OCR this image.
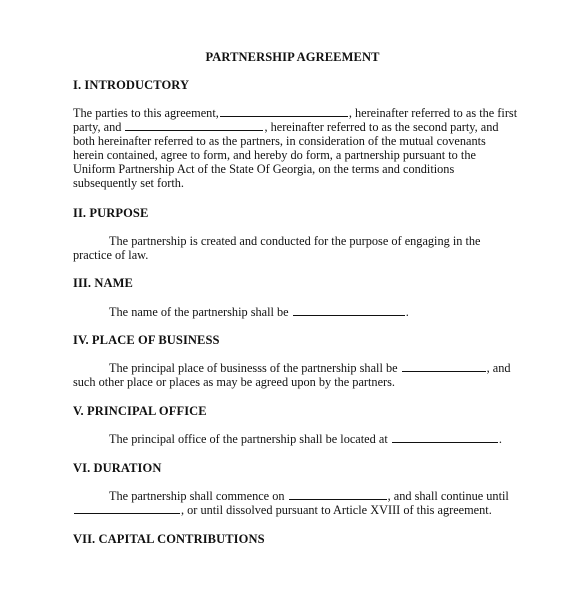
PARTNERSHIP AGREEMENT
I. INTRODUCTORY
The parties to this agreement,	, hereinafter referred to as the first
party, and	, hereinafter referred to as the second party, and
both hereinafter referred to as the partners, in consideration of the mutual covenants
herein contained, agree to form, and hereby do form, a partnership pursuant to the
Uniform Partnership Act of the State Of Georgia, on the terms and conditions
subsequently set forth.
II. PURPOSE
The partnership is created and conducted for the purpose of engaging in the
practice of law.
III. NAME
The name of the partnership shall be	.
IV. PLACE OF BUSINESS
The principal place of businesss of the partnership shall be	, and
such other place or places as may be agreed upon by the partners.
V. PRINCIPAL OFFICE
The principal office of the partnership shall be located at	.
VI. DURATION
The partnership shall commence on	, and shall continue until
, or until dissolved pursuant to Article XVIII of this agreement.
VII. CAPITAL CONTRIBUTIONS
